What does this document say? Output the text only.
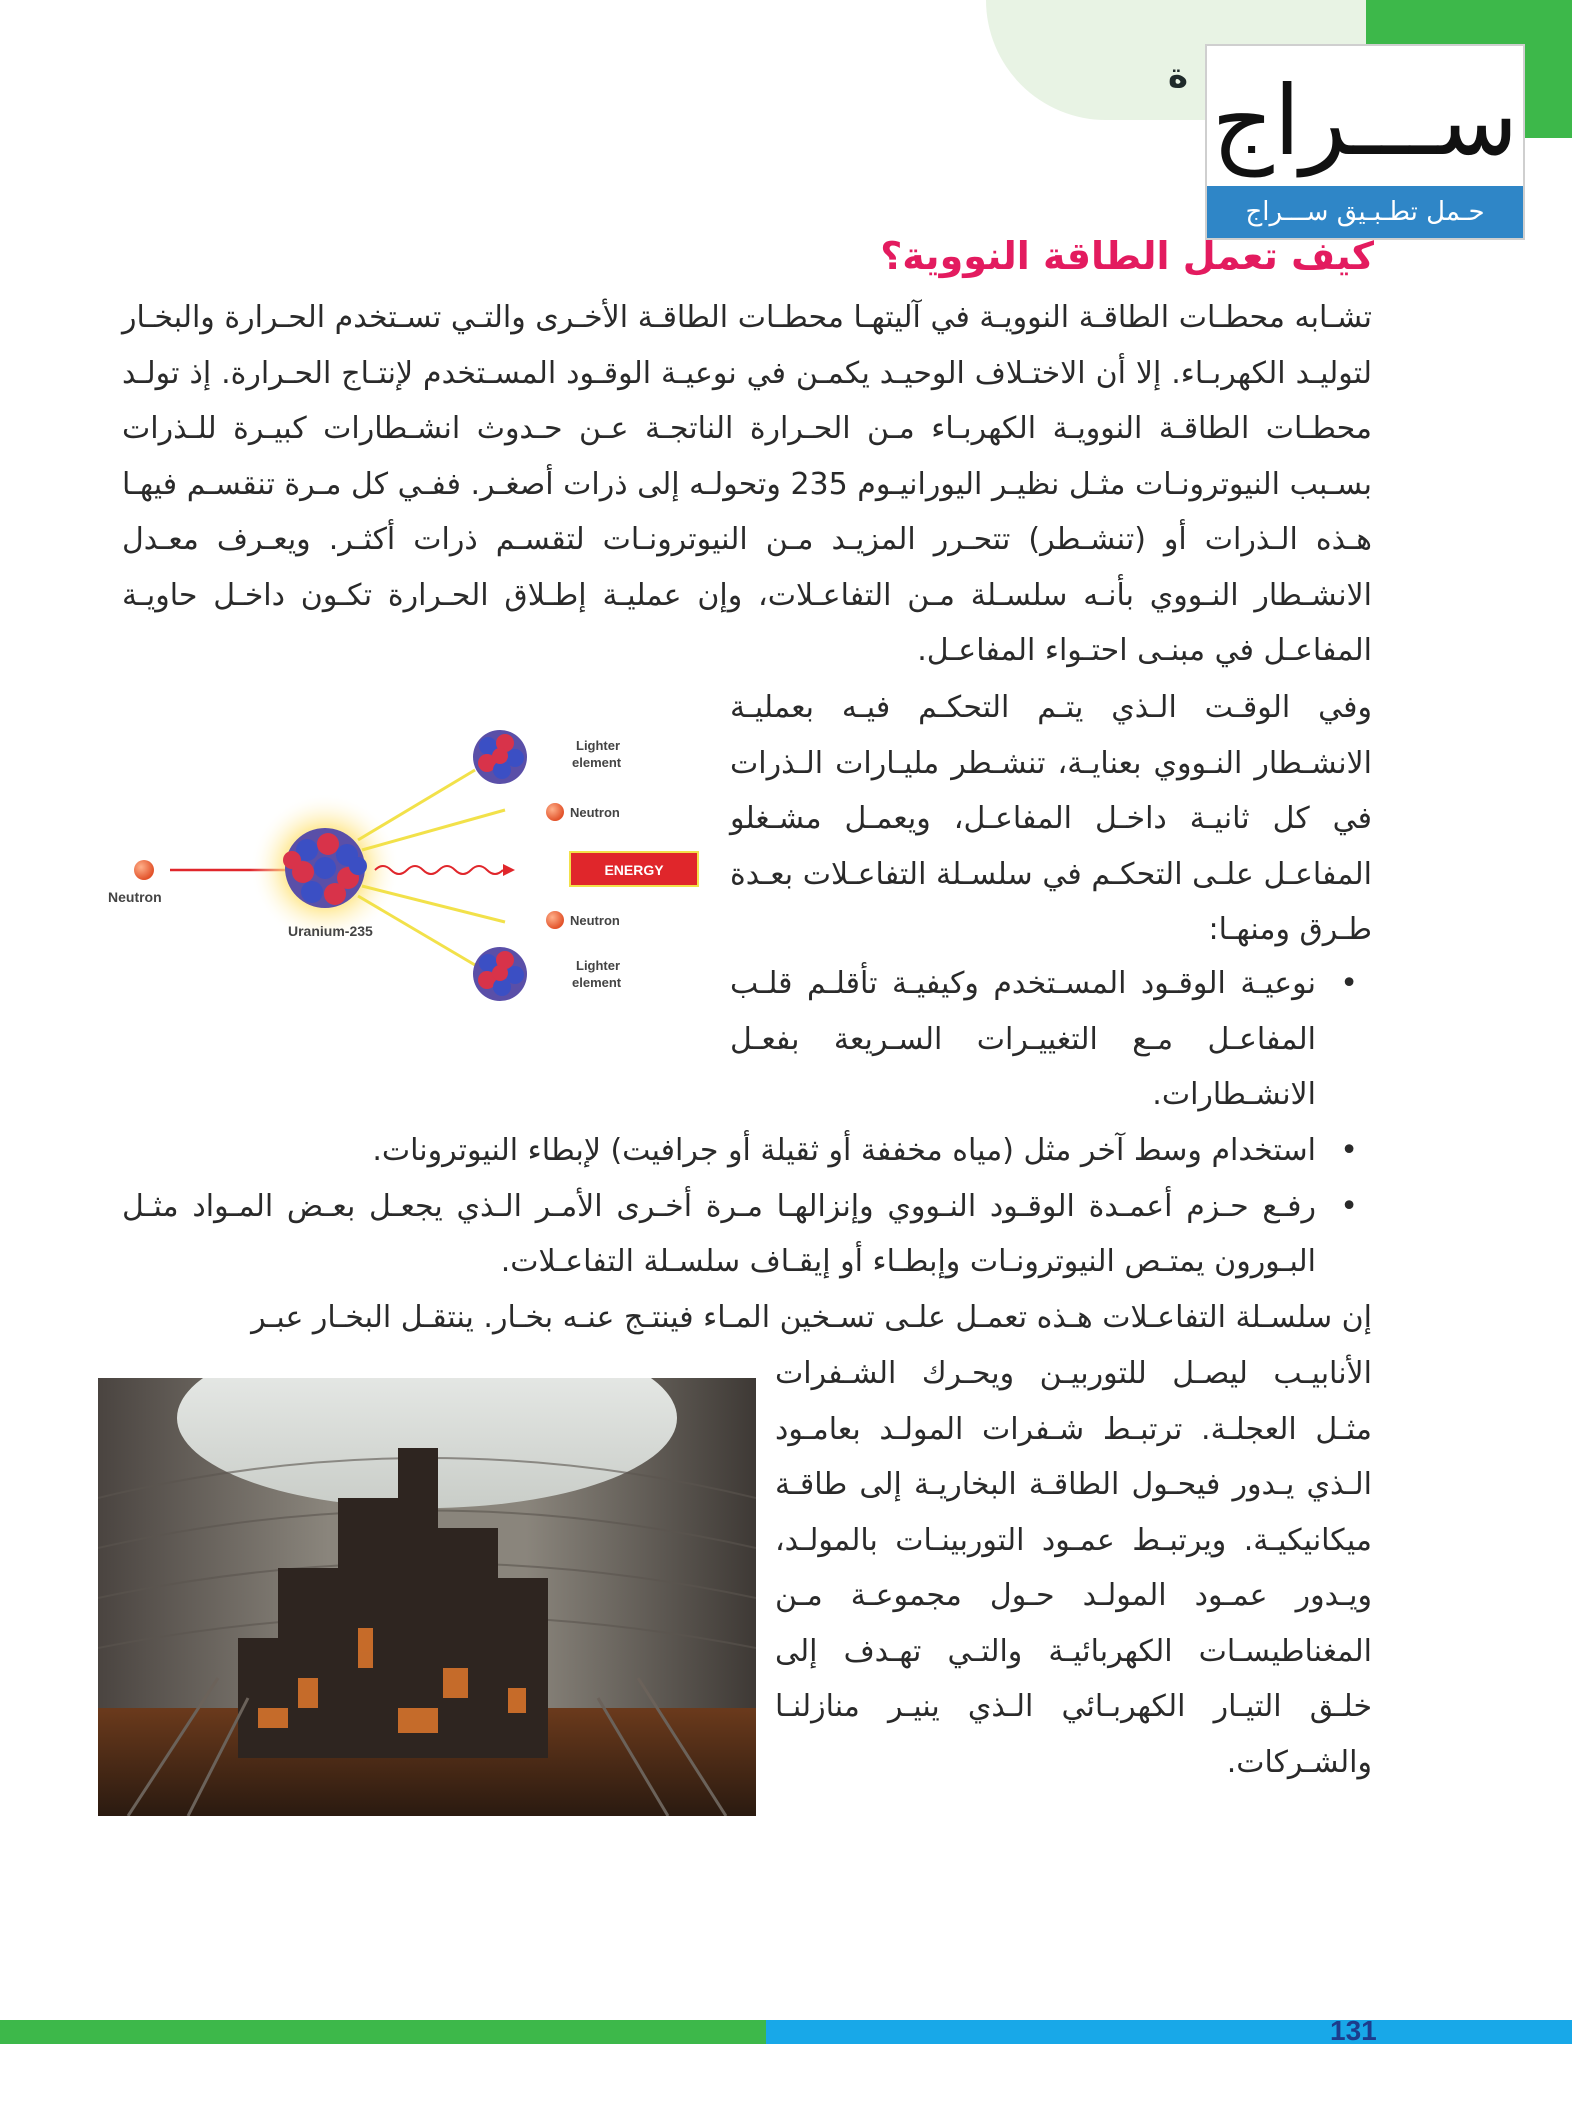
ة ســـراج
حـمل تطـبـيق ســـراج
كيف تعمل الطاقة النووية؟
تشـابه محطـات الطاقـة النوويـة في آليتهـا محطـات الطاقـة الأخـرى والتـي تسـتخدم الحـرارة والبخـار لتوليـد الكهربـاء. إلا أن الاختـلاف الوحيـد يكمـن في نوعيـة الوقـود المسـتخدم لإنتـاج الحـرارة. إذ تولـد محطـات الطاقـة النوويـة الكهربـاء مـن الحـرارة الناتجـة عـن حـدوث انشـطارات كبيـرة للـذرات بسـبب النيوترونـات مثـل نظيـر اليورانيـوم 235 وتحولـه إلى ذرات أصغـر. ففـي كل مـرة تنقسـم فيهـا هـذه الـذرات أو (تنشـطر) تتحـرر المزيـد مـن النيوترونـات لتقسـم ذرات أكثـر. ويعـرف معـدل الانشـطار النـووي بأنـه سلسـلة مـن التفاعـلات، وإن عمليـة إطـلاق الحـرارة تكـون داخـل حاويـة المفاعـل في مبنـى احتـواء المفاعـل.
Neutron
Uranium-235
Lighter
element
Neutron
ENERGY
Neutron
Lighter
element
وفي الوقـت الـذي يتـم التحكـم فيـه بعمليـة الانشـطار النـووي بعنايـة، تنشـطر مليـارات الـذرات في كل ثانيـة داخـل المفاعـل، ويعمـل مشـغلو المفاعـل علـى التحكـم في سلسـلة التفاعـلات بعـدة طـرق ومنهـا:
•
نوعيـة الوقـود المسـتخدم وكيفيـة تأقلـم قلـب المفاعـل مـع التغييـرات السـريعة بفعـل الانشـطارات.
•
استخدام وسط آخر مثل (مياه مخففة أو ثقيلة أو جرافيت) لإبطاء النيوترونات.
•
رفـع حـزم أعمـدة الوقـود النـووي وإنزالهـا مـرة أخـرى الأمـر الـذي يجعـل بعـض المـواد مثـل البـورون يمتـص النيوترونـات وإبطـاء أو إيقـاف سلسـلة التفاعـلات.
إن سلسـلة التفاعـلات هـذه تعمـل علـى تسـخين المـاء فينتـج عنـه بخـار. ينتقـل البخـار عبـر
الأنابيـب ليصـل للتوربيـن ويحـرك الشـفرات مثـل العجلـة. ترتبـط شـفرات المولـد بعامـود الـذي يـدور فيحـول الطاقـة البخاريـة إلى طاقـة ميكانيكيـة. ويرتبـط عمـود التوربينـات بالمولـد، ويـدور عمـود المولـد حـول مجموعـة مـن المغناطيسـات الكهربائيـة والتـي تهـدف إلى خلـق التيـار الكهربـائي الـذي ينيـر منازلنـا والشـركات.
131
